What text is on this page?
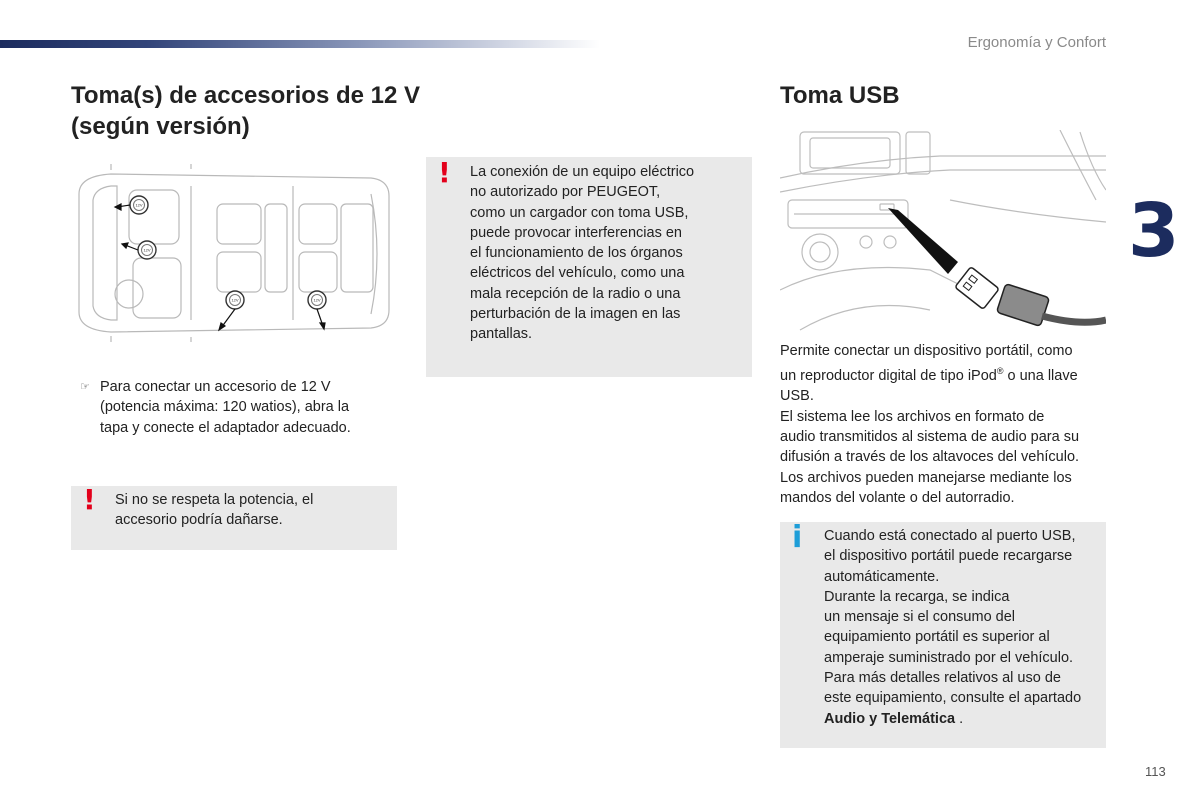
Ergonomía y Confort
3
Toma(s) de accesorios de 12 V
(según versión)
12V
12V
12V	12V
☞ Para conectar un accesorio de 12 V
(potencia máxima: 120 watios), abra la
tapa y conecte el adaptador adecuado.

! Si no se respeta la potencia, el
accesorio podría dañarse.

! La conexión de un equipo eléctrico
no autorizado por PEUGEOT,
como un cargador con toma USB,
puede provocar interferencias en
el funcionamiento de los órganos
eléctricos del vehículo, como una
mala recepción de la radio o una
perturbación de la imagen en las
pantallas.

Toma USB

Permite conectar un dispositivo portátil, como
un reproductor digital de tipo iPod® o una llave
USB.
El sistema lee los archivos en formato de
audio transmitidos al sistema de audio para su
difusión a través de los altavoces del vehículo.
Los archivos pueden manejarse mediante los
mandos del volante o del autorradio.

i Cuando está conectado al puerto USB,
el dispositivo portátil puede recargarse
automáticamente.
Durante la recarga, se indica
un mensaje si el consumo del
equipamiento portátil es superior al
amperaje suministrado por el vehículo.
Para más detalles relativos al uso de
este equipamiento, consulte el apartado
Audio y Telemática .

113
